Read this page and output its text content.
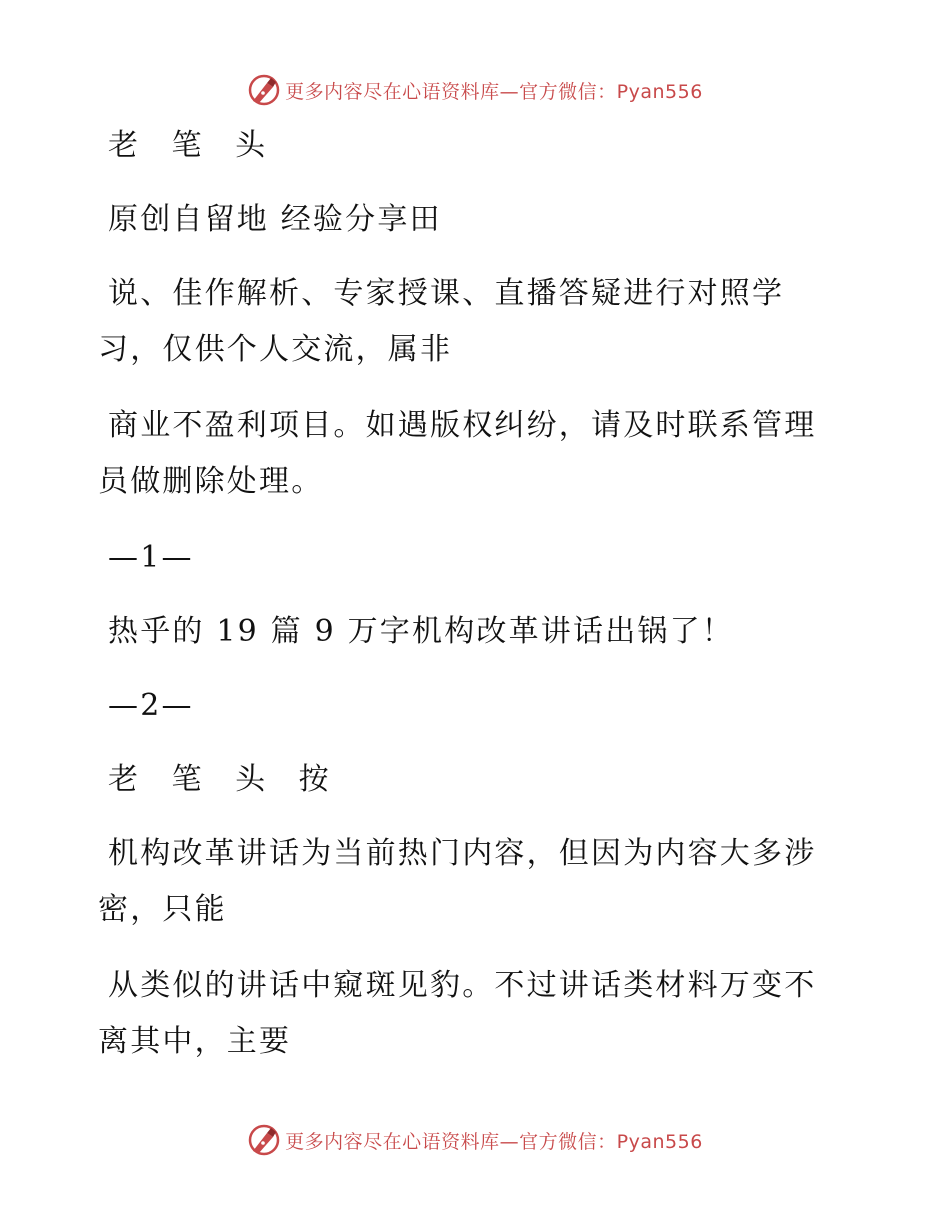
更多内容尽在心语资料库—官方微信：Pyan556
老 笔 头
原创自留地 经验分享田
说、佳作解析、专家授课、直播答疑进行对照学习，仅供个人交流，属非
商业不盈利项目。如遇版权纠纷，请及时联系管理员做删除处理。
—1—
热乎的 19 篇 9 万字机构改革讲话出锅了！
—2—
老 笔 头 按
机构改革讲话为当前热门内容，但因为内容大多涉密，只能
从类似的讲话中窥斑见豹。不过讲话类材料万变不离其中，主要
更多内容尽在心语资料库—官方微信：Pyan556
